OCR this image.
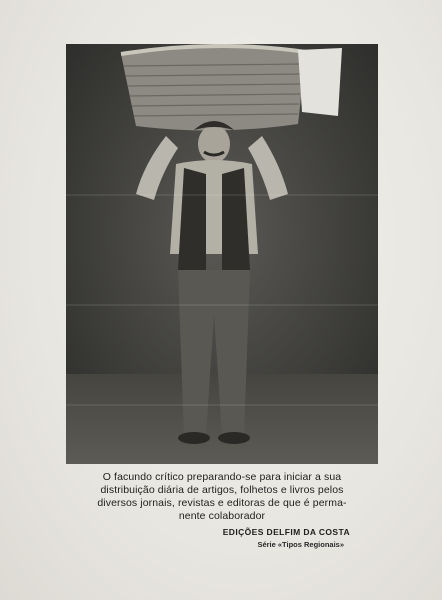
O facundo crítico preparando-se para iniciar a sua
distribuição diária de artigos, folhetos e livros pelos
diversos jornais, revistas e editoras de que é perma-
nente colaborador
EDIÇÕES DELFIM DA COSTA
Série «Tipos Regionais»
